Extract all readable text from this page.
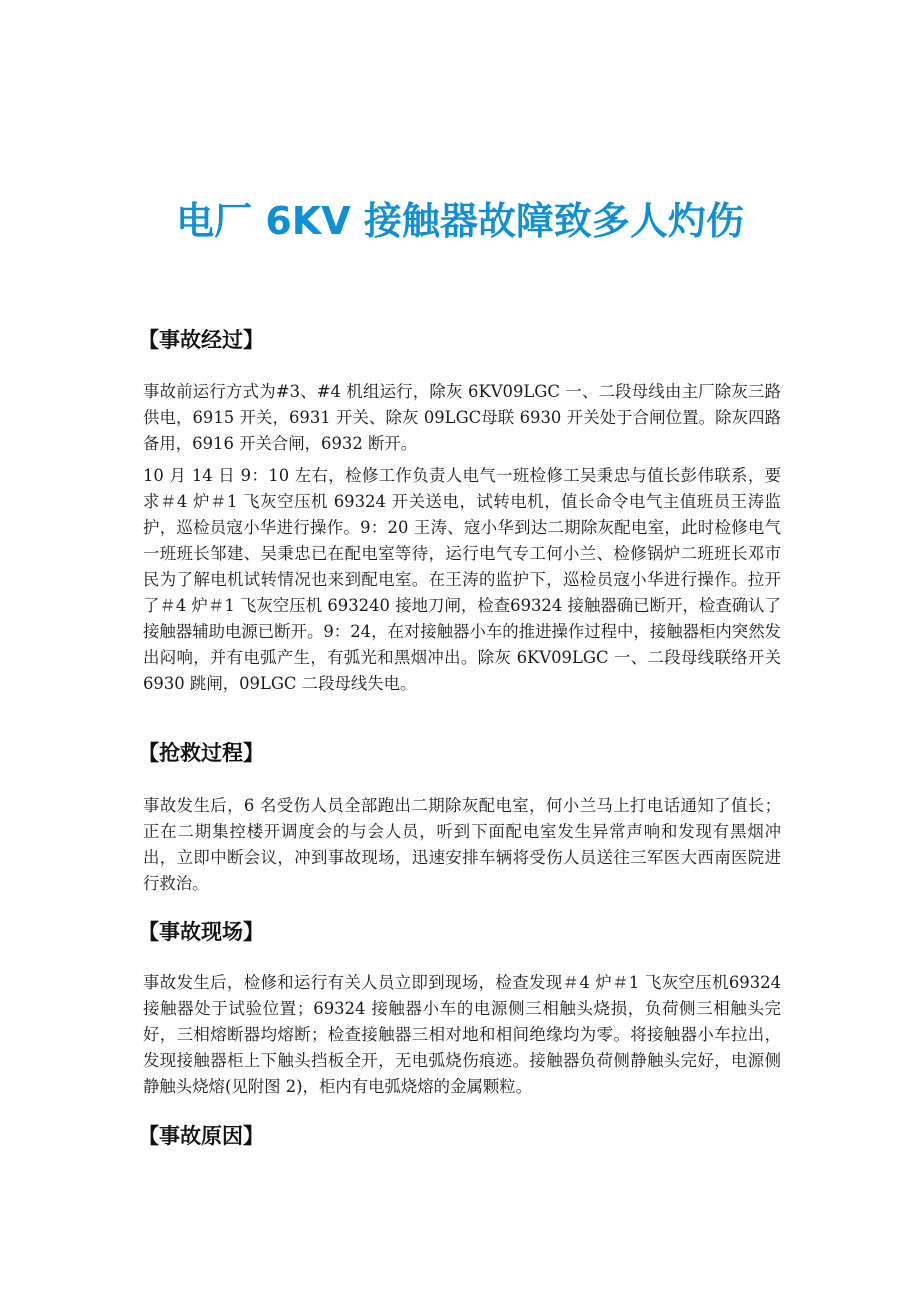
电厂 6KV 接触器故障致多人灼伤
【事故经过】

事故前运行方式为#3、#4 机组运行，除灰 6KV09LGC 一、二段母线由主厂除灰三路供电，6915 开关，6931 开关、除灰 09LGC母联 6930 开关处于合闸位置。除灰四路备用，6916 开关合闸，6932 断开。

10 月 14 日 9：10 左右，检修工作负责人电气一班检修工吴秉忠与值长彭伟联系，要求＃4 炉＃1 飞灰空压机 69324 开关送电，试转电机，值长命令电气主值班员王涛监护，巡检员寇小华进行操作。9：20 王涛、寇小华到达二期除灰配电室，此时检修电气一班班长邹建、吴秉忠已在配电室等待，运行电气专工何小兰、检修锅炉二班班长邓市民为了解电机试转情况也来到配电室。在王涛的监护下，巡检员寇小华进行操作。拉开了＃4 炉＃1 飞灰空压机 693240 接地刀闸，检查69324 接触器确已断开，检查确认了接触器辅助电源已断开。9：24，在对接触器小车的推进操作过程中，接触器柜内突然发出闷响，并有电弧产生，有弧光和黑烟冲出。除灰 6KV09LGC 一、二段母线联络开关 6930 跳闸，09LGC 二段母线失电。

【抢救过程】

事故发生后，6 名受伤人员全部跑出二期除灰配电室，何小兰马上打电话通知了值长；正在二期集控楼开调度会的与会人员，听到下面配电室发生异常声响和发现有黑烟冲出，立即中断会议，冲到事故现场，迅速安排车辆将受伤人员送往三军医大西南医院进行救治。

【事故现场】

事故发生后，检修和运行有关人员立即到现场，检查发现＃4 炉＃1 飞灰空压机69324 接触器处于试验位置；69324 接触器小车的电源侧三相触头烧损，负荷侧三相触头完好，三相熔断器均熔断；检查接触器三相对地和相间绝缘均为零。将接触器小车拉出，发现接触器柜上下触头挡板全开，无电弧烧伤痕迹。接触器负荷侧静触头完好，电源侧静触头烧熔(见附图 2)，柜内有电弧烧熔的金属颗粒。

【事故原因】
